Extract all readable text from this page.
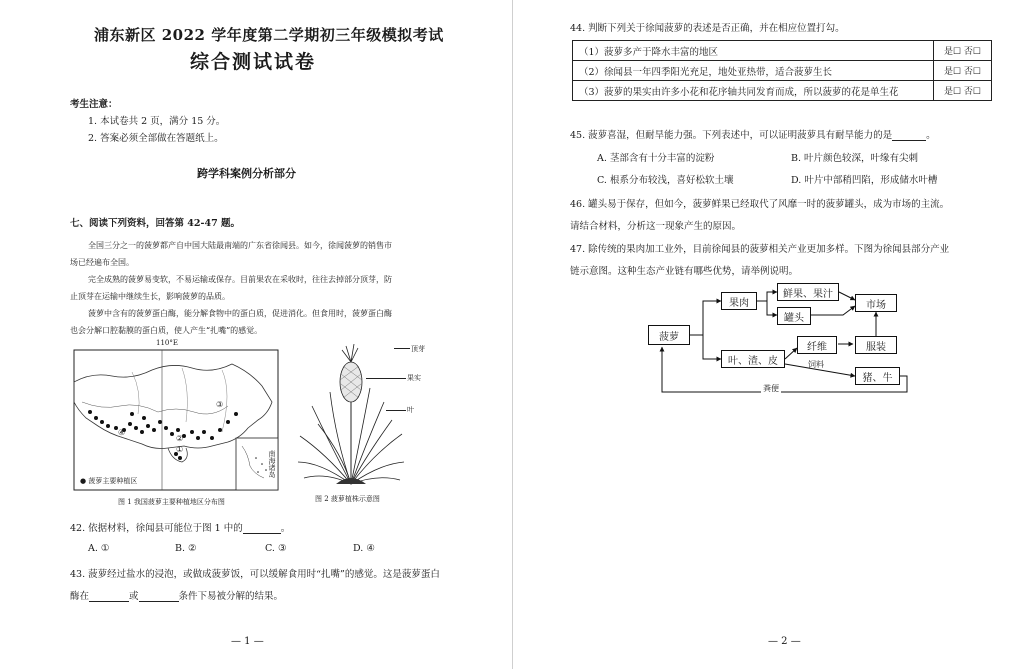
浦东新区 2022 学年度第二学期初三年级模拟考试
综合测试试卷
考生注意：
1. 本试卷共 2 页，满分 15 分。
2. 答案必须全部做在答题纸上。
跨学科案例分析部分
七、阅读下列资料，回答第 42-47 题。
全国三分之一的菠萝都产自中国大陆最南端的广东省徐闻县。如今，徐闻菠萝的销售市
场已经遍布全国。
完全成熟的菠萝易变软，不易运输或保存。目前果农在采收时，往往去掉部分顶芽，防
止顶芽在运输中继续生长，影响菠萝的品质。
菠萝中含有的菠萝蛋白酶，能分解食物中的蛋白质，促进消化。但食用时，菠萝蛋白酶
也会分解口腔黏膜的蛋白质，使人产生“扎嘴”的感觉。
110°E
④
②
①
③
● 菠萝主要种植区
南海诸岛
图 1 我国菠萝主要种植地区分布图
顶芽
果实
叶
图 2 菠萝植株示意图
42. 依据材料，徐闻县可能位于图 1 中的	。
A. ①	B. ②	C. ③	D. ④
43. 菠萝经过盐水的浸泡，或做成菠萝饭，可以缓解食用时“扎嘴”的感觉。这是菠萝蛋白
酶在	或	条件下易被分解的结果。
— 1 —
44. 判断下列关于徐闻菠萝的表述是否正确，并在相应位置打勾。
（1）菠萝多产于降水丰富的地区	是☐ 否☐
（2）徐闻县一年四季阳光充足，地处亚热带，适合菠萝生长	是☐ 否☐
（3）菠萝的果实由许多小花和花序轴共同发育而成，所以菠萝的花是单生花	是☐ 否☐
45. 菠萝喜湿，但耐旱能力强。下列表述中，可以证明菠萝具有耐旱能力的是	。
A. 茎部含有十分丰富的淀粉	B. 叶片颜色较深，叶缘有尖刺
C. 根系分布较浅，喜好松软土壤	D. 叶片中部稍凹陷，形成储水叶槽
46. 罐头易于保存，但如今，菠萝鲜果已经取代了风靡一时的菠萝罐头，成为市场的主流。
请结合材料，分析这一现象产生的原因。
47. 除传统的果肉加工业外，目前徐闻县的菠萝相关产业更加多样。下图为徐闻县部分产业
链示意图。这种生态产业链有哪些优势，请举例说明。
菠萝
果肉
鲜果、果汁
罐头
市场
叶、渣、皮
纤维	服装
猪、牛
饲料
粪便
— 2 —
